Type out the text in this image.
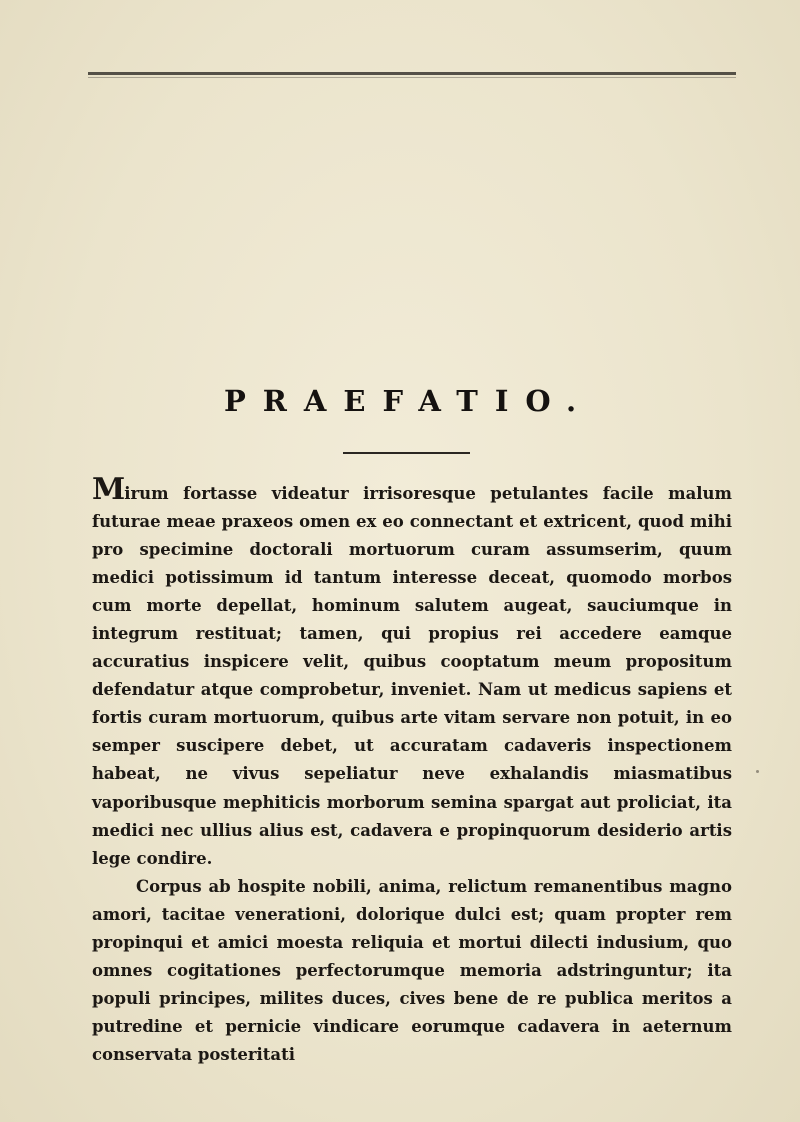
PRAEFATIO.

Mirum fortasse videatur irrisoresque petulantes facile malum futurae meae praxeos omen ex eo connectant et extricent, quod mihi pro specimine doctorali mortuorum curam assumserim, quum medici potissimum id tantum interesse deceat, quomodo morbos cum morte depellat, hominum salutem augeat, sauciumque in integrum restituat; tamen, qui propius rei accedere eamque accuratius inspicere velit, quibus cooptatum meum propositum defendatur atque comprobetur, inveniet. Nam ut medicus sapiens et fortis curam mortuorum, quibus arte vitam servare non potuit, in eo semper suscipere debet, ut accuratam cadaveris inspectionem habeat, ne vivus sepeliatur neve exhalandis miasmatibus vaporibusque mephiticis morborum semina spargat aut proliciat, ita medici nec ullius alius est, cadavera e propinquorum desiderio artis lege condire.

Corpus ab hospite nobili, anima, relictum remanentibus magno amori, tacitae venerationi, dolorique dulci est; quam propter rem propinqui et amici moesta reliquia et mortui dilecti indusium, quo omnes cogitationes perfectorumque memoria adstringuntur; ita populi principes, milites duces, cives bene de re publica meritos a putredine et pernicie vindicare eorumque cadavera in aeternum conservata posteritati
